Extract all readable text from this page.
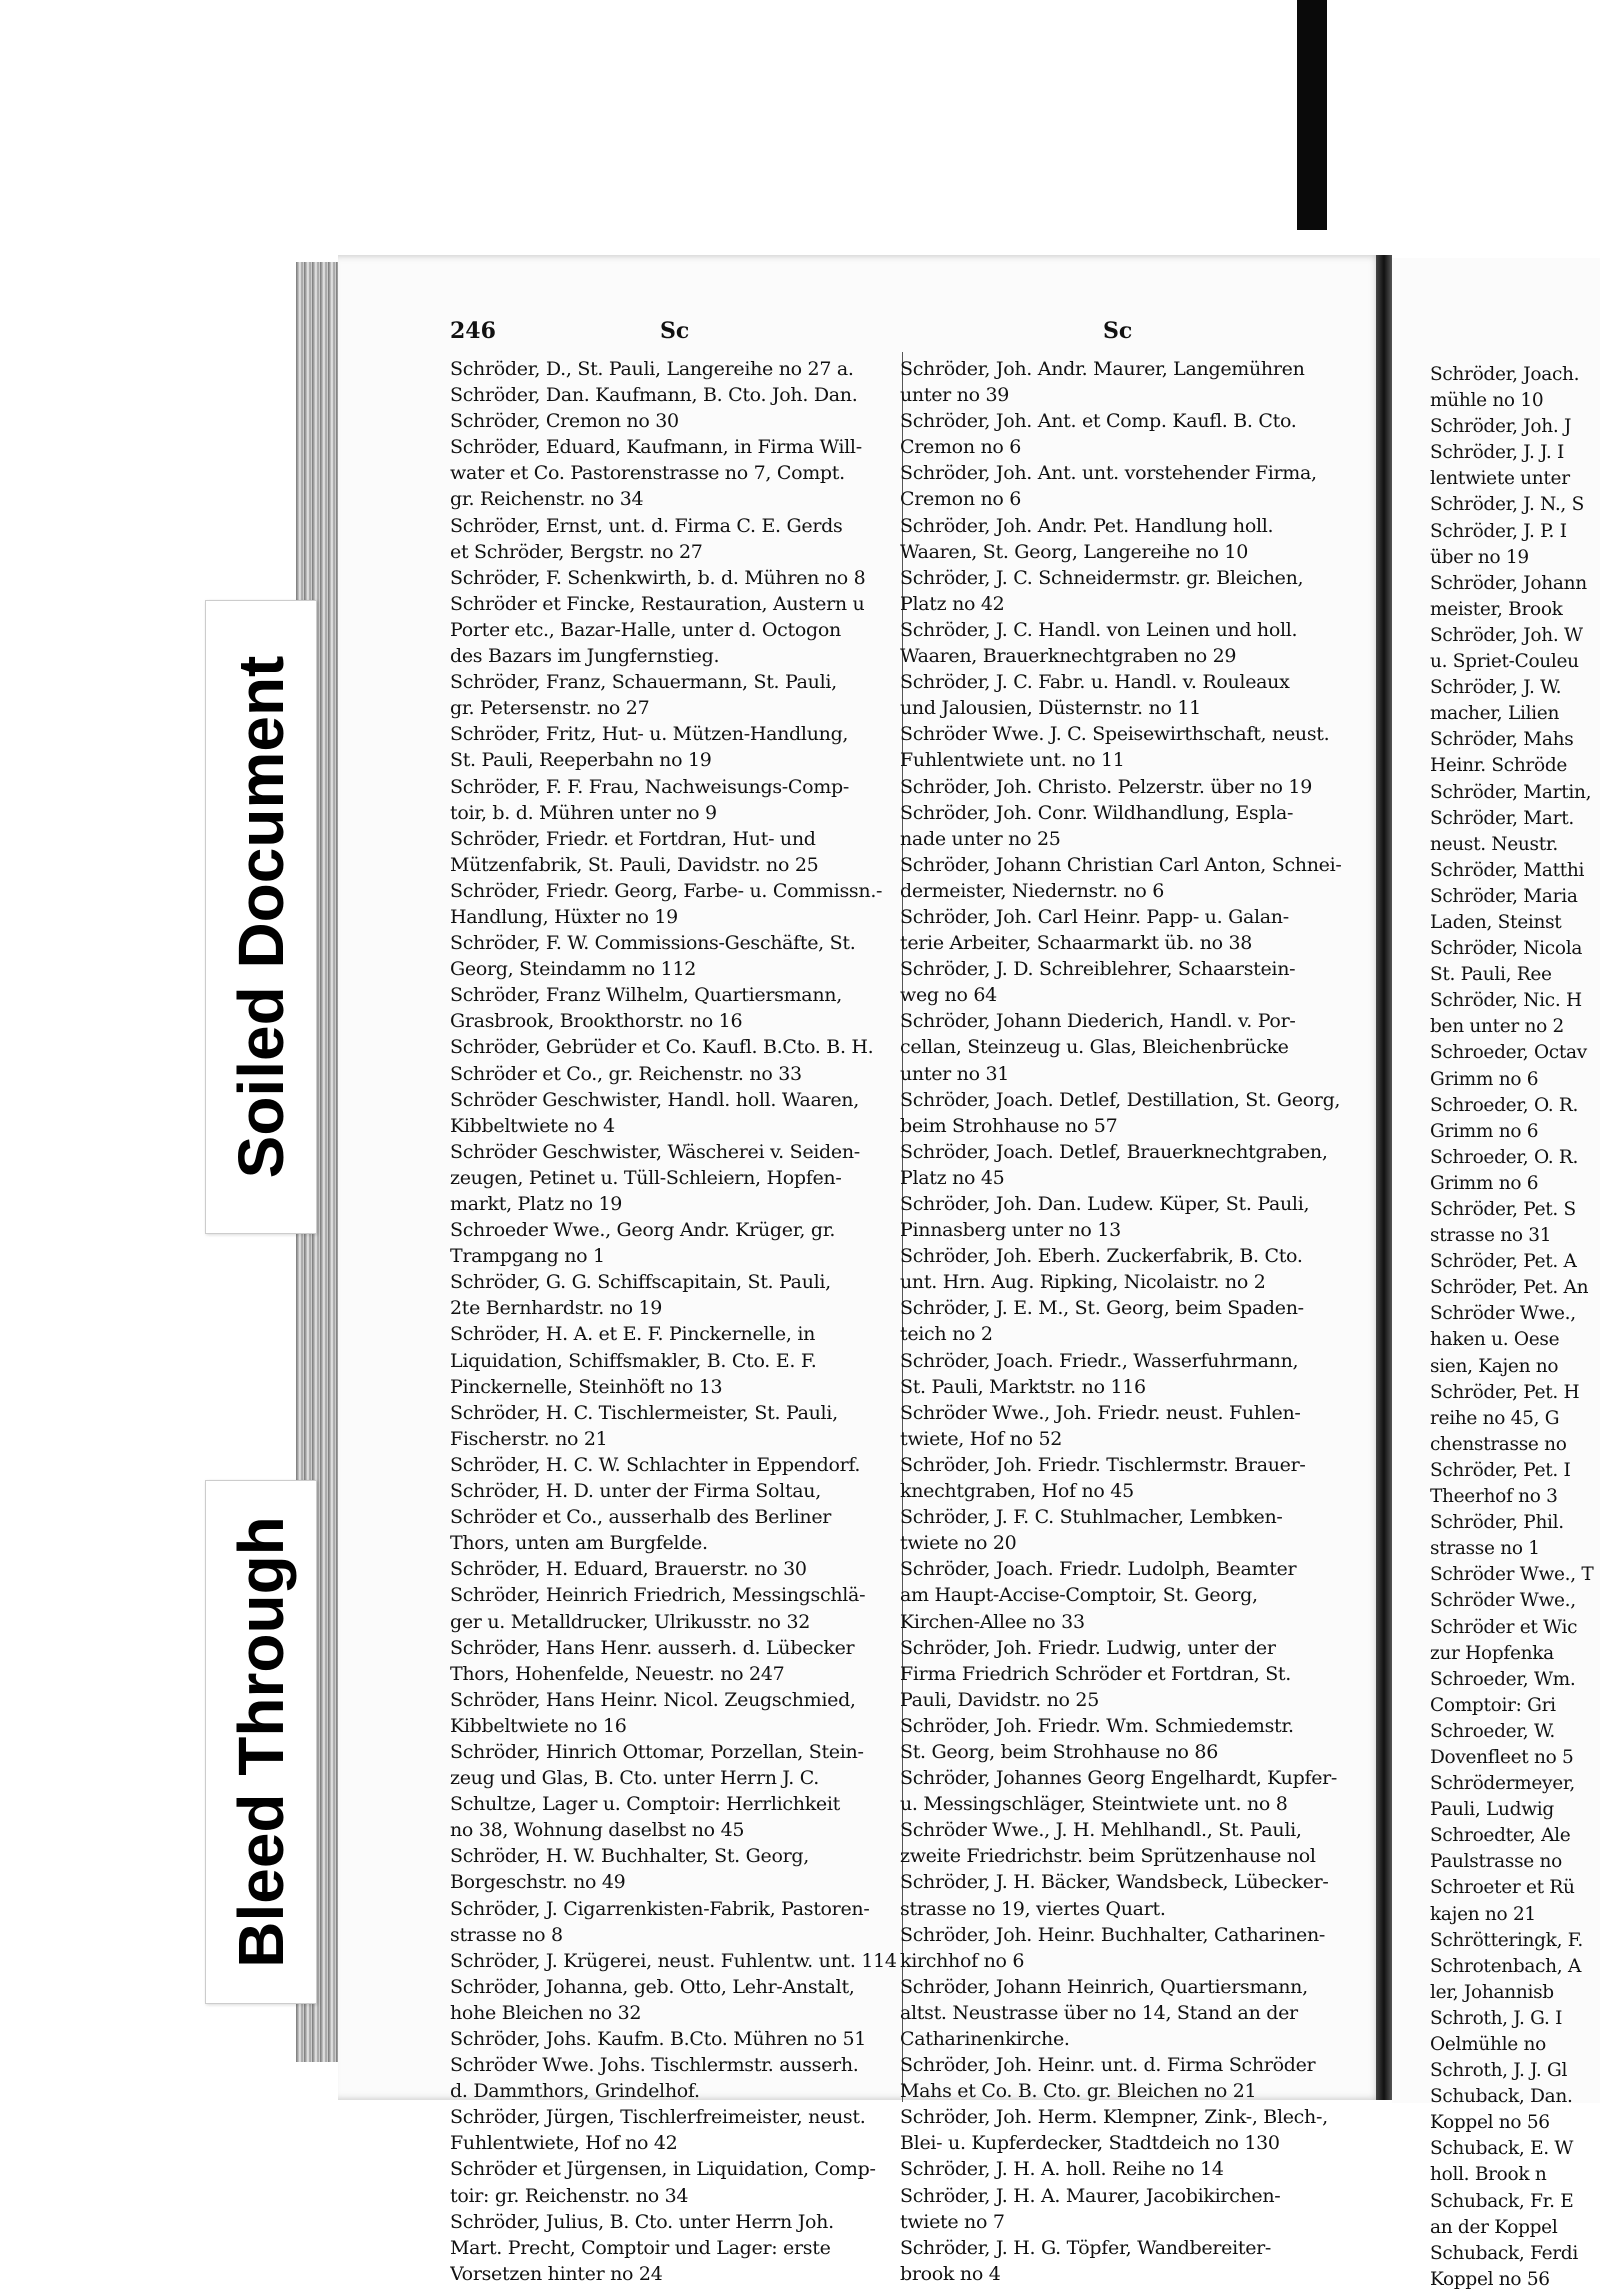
246	Sc	Sc
Schröder, D., St. Pauli, Langereihe no 27 a.
Schröder, Dan. Kaufmann, B. Cto. Joh. Dan.
Schröder, Cremon no 30
Schröder, Eduard, Kaufmann, in Firma Will-
water et Co. Pastorenstrasse no 7, Compt.
gr. Reichenstr. no 34
Schröder, Ernst, unt. d. Firma C. E. Gerds
et Schröder, Bergstr. no 27
Schröder, F. Schenkwirth, b. d. Mühren no 8
Schröder et Fincke, Restauration, Austern u
Porter etc., Bazar-Halle, unter d. Octogon
des Bazars im Jungfernstieg.
Schröder, Franz, Schauermann, St. Pauli,
gr. Petersenstr. no 27
Schröder, Fritz, Hut- u. Mützen-Handlung,
St. Pauli, Reeperbahn no 19
Schröder, F. F. Frau, Nachweisungs-Comp-
toir, b. d. Mühren unter no 9
Schröder, Friedr. et Fortdran, Hut- und
Mützenfabrik, St. Pauli, Davidstr. no 25
Schröder, Friedr. Georg, Farbe- u. Commissn.-
Handlung, Hüxter no 19
Schröder, F. W. Commissions-Geschäfte, St.
Georg, Steindamm no 112
Schröder, Franz Wilhelm, Quartiersmann,
Grasbrook, Brookthorstr. no 16
Schröder, Gebrüder et Co. Kaufl. B.Cto. B. H.
Schröder et Co., gr. Reichenstr. no 33
Schröder Geschwister, Handl. holl. Waaren,
Kibbeltwiete no 4
Schröder Geschwister, Wäscherei v. Seiden-
zeugen, Petinet u. Tüll-Schleiern, Hopfen-
markt, Platz no 19
Schroeder Wwe., Georg Andr. Krüger, gr.
Trampgang no 1
Schröder, G. G. Schiffscapitain, St. Pauli,
2te Bernhardstr. no 19
Schröder, H. A. et E. F. Pinckernelle, in
Liquidation, Schiffsmakler, B. Cto. E. F.
Pinckernelle, Steinhöft no 13
Schröder, H. C. Tischlermeister, St. Pauli,
Fischerstr. no 21
Schröder, H. C. W. Schlachter in Eppendorf.
Schröder, H. D. unter der Firma Soltau,
Schröder et Co., ausserhalb des Berliner
Thors, unten am Burgfelde.
Schröder, H. Eduard, Brauerstr. no 30
Schröder, Heinrich Friedrich, Messingschlä-
ger u. Metalldrucker, Ulrikusstr. no 32
Schröder, Hans Henr. ausserh. d. Lübecker
Thors, Hohenfelde, Neuestr. no 247
Schröder, Hans Heinr. Nicol. Zeugschmied,
Kibbeltwiete no 16
Schröder, Hinrich Ottomar, Porzellan, Stein-
zeug und Glas, B. Cto. unter Herrn J. C.
Schultze, Lager u. Comptoir: Herrlichkeit
no 38, Wohnung daselbst no 45
Schröder, H. W. Buchhalter, St. Georg,
Borgeschstr. no 49
Schröder, J. Cigarrenkisten-Fabrik, Pastoren-
strasse no 8
Schröder, J. Krügerei, neust. Fuhlentw. unt. 114
Schröder, Johanna, geb. Otto, Lehr-Anstalt,
hohe Bleichen no 32
Schröder, Johs. Kaufm. B.Cto. Mühren no 51
Schröder Wwe. Johs. Tischlermstr. ausserh.
d. Dammthors, Grindelhof.
Schröder, Jürgen, Tischlerfreimeister, neust.
Fuhlentwiete, Hof no 42
Schröder et Jürgensen, in Liquidation, Comp-
toir: gr. Reichenstr. no 34
Schröder, Julius, B. Cto. unter Herrn Joh.
Mart. Precht, Comptoir und Lager: erste
Vorsetzen hinter no 24
Schröder, Joh. Andr. Maurer, Langemühren
unter no 39
Schröder, Joh. Ant. et Comp. Kaufl. B. Cto.
Cremon no 6
Schröder, Joh. Ant. unt. vorstehender Firma,
Cremon no 6
Schröder, Joh. Andr. Pet. Handlung holl.
Waaren, St. Georg, Langereihe no 10
Schröder, J. C. Schneidermstr. gr. Bleichen,
Platz no 42
Schröder, J. C. Handl. von Leinen und holl.
Waaren, Brauerknechtgraben no 29
Schröder, J. C. Fabr. u. Handl. v. Rouleaux
und Jalousien, Düsternstr. no 11
Schröder Wwe. J. C. Speisewirthschaft, neust.
Fuhlentwiete unt. no 11
Schröder, Joh. Christo. Pelzerstr. über no 19
Schröder, Joh. Conr. Wildhandlung, Espla-
nade unter no 25
Schröder, Johann Christian Carl Anton, Schnei-
dermeister, Niedernstr. no 6
Schröder, Joh. Carl Heinr. Papp- u. Galan-
terie Arbeiter, Schaarmarkt üb. no 38
Schröder, J. D. Schreiblehrer, Schaarstein-
weg no 64
Schröder, Johann Diederich, Handl. v. Por-
cellan, Steinzeug u. Glas, Bleichenbrücke
unter no 31
Schröder, Joach. Detlef, Destillation, St. Georg,
beim Strohhause no 57
Schröder, Joach. Detlef, Brauerknechtgraben,
Platz no 45
Schröder, Joh. Dan. Ludew. Küper, St. Pauli,
Pinnasberg unter no 13
Schröder, Joh. Eberh. Zuckerfabrik, B. Cto.
unt. Hrn. Aug. Ripking, Nicolaistr. no 2
Schröder, J. E. M., St. Georg, beim Spaden-
teich no 2
Schröder, Joach. Friedr., Wasserfuhrmann,
St. Pauli, Marktstr. no 116
Schröder Wwe., Joh. Friedr. neust. Fuhlen-
twiete, Hof no 52
Schröder, Joh. Friedr. Tischlermstr. Brauer-
knechtgraben, Hof no 45
Schröder, J. F. C. Stuhlmacher, Lembken-
twiete no 20
Schröder, Joach. Friedr. Ludolph, Beamter
am Haupt-Accise-Comptoir, St. Georg,
Kirchen-Allee no 33
Schröder, Joh. Friedr. Ludwig, unter der
Firma Friedrich Schröder et Fortdran, St.
Pauli, Davidstr. no 25
Schröder, Joh. Friedr. Wm. Schmiedemstr.
St. Georg, beim Strohhause no 86
Schröder, Johannes Georg Engelhardt, Kupfer-
u. Messingschläger, Steintwiete unt. no 8
Schröder Wwe., J. H. Mehlhandl., St. Pauli,
zweite Friedrichstr. beim Sprützenhause nol
Schröder, J. H. Bäcker, Wandsbeck, Lübecker-
strasse no 19, viertes Quart.
Schröder, Joh. Heinr. Buchhalter, Catharinen-
kirchhof no 6
Schröder, Johann Heinrich, Quartiersmann,
altst. Neustrasse über no 14, Stand an der
Catharinenkirche.
Schröder, Joh. Heinr. unt. d. Firma Schröder
Mahs et Co. B. Cto. gr. Bleichen no 21
Schröder, Joh. Herm. Klempner, Zink-, Blech-,
Blei- u. Kupferdecker, Stadtdeich no 130
Schröder, J. H. A. holl. Reihe no 14
Schröder, J. H. A. Maurer, Jacobikirchen-
twiete no 7
Schröder, J. H. G. Töpfer, Wandbereiter-
brook no 4
Schröder, Joach.
mühle no 10
Schröder, Joh. J
Schröder, J. J. I
lentwiete unter
Schröder, J. N., S
Schröder, J. P. I
über no 19
Schröder, Johann
meister, Brook
Schröder, Joh. W
u. Spriet-Couleu
Schröder, J. W.
macher, Lilien
Schröder, Mahs
Heinr. Schröde
Schröder, Martin,
Schröder, Mart.
neust. Neustr.
Schröder, Matthi
Schröder, Maria
Laden, Steinst
Schröder, Nicola
St. Pauli, Ree
Schröder, Nic. H
ben unter no 2
Schroeder, Octav
Grimm no 6
Schroeder, O. R.
Grimm no 6
Schroeder, O. R.
Grimm no 6
Schröder, Pet. S
strasse no 31
Schröder, Pet. A
Schröder, Pet. An
Schröder Wwe.,
haken u. Oese
sien, Kajen no
Schröder, Pet. H
reihe no 45, G
chenstrasse no
Schröder, Pet. I
Theerhof no 3
Schröder, Phil.
strasse no 1
Schröder Wwe., T
Schröder Wwe.,
Schröder et Wic
zur Hopfenka
Schroeder, Wm.
Comptoir: Gri
Schroeder, W.
Dovenfleet no 5
Schrödermeyer,
Pauli, Ludwig
Schroedter, Ale
Paulstrasse no
Schroeter et Rü
kajen no 21
Schrötteringk, F.
Schrotenbach, A
ler, Johannisb
Schroth, J. G. I
Oelmühle no
Schroth, J. J. Gl
Schuback, Dan.
Koppel no 56
Schuback, E. W
holl. Brook n
Schuback, Fr. E
an der Koppel
Schuback, Ferdi
Koppel no 56
Soiled Document
Bleed Through
